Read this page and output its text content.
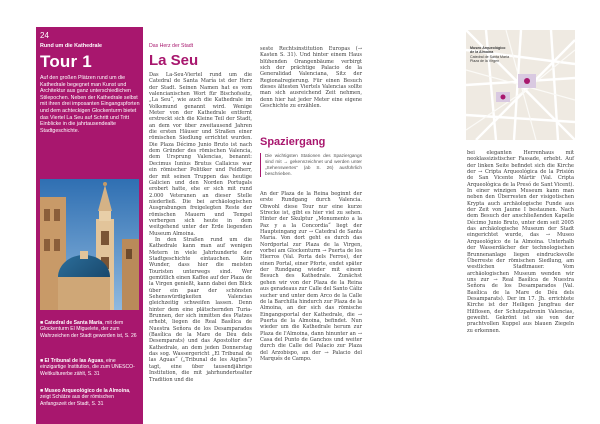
24
Rund um die Kathedrale
Tour 1
Auf den großen Plätzen rund um die Kathedrale begegnet man Kunst und Architektur aus ganz unterschiedlichen Stilepochen. Neben der Kathedrale selbst mit ihren drei imposanten Eingangspforten und dem achteckigen Glockenturm bietet das Viertel La Seu auf Schritt und Tritt Einblicke in die jahrtausendealte Stadtgeschichte.
■ Catedral de Santa María, mit dem Glockenturm El Miguelete, der zum Wahrzeichen der Stadt geworden ist, S. 26
■ El Tribunal de las Aguas, eine einzigartige Institution, die zum UNESCO-Weltkulturerbe zählt, S. 31
■ Museo Arqueológico de la Almoina, zeigt Schätze aus der römischen Anfangszeit der Stadt, S. 31
Das Herz der Stadt
La Seu

Das La-Seu-Viertel rund um die Catedral de Santa María ist der Herz der Stadt. Seinen Namen hat es vom valencianischen Wort für Bischofssitz, „La Seu“, wie auch die Kathedrale im Volksmund genannt wird. Wenige Meter von der Kathedrale entfernt erstreckt sich die Kleine Teil der Stadt, an dem vor über zweitausend Jahren die ersten Häuser und Straßen einer römischen Siedlung errichtet wurden. Die Plaza Décimo Junio Bruto ist nach dem Gründer des römischen Valencia, dem Ursprung Valencias, benannt: Decimus Iunius Brutus Callaicus war ein römischer Politiker und Feldherr, der mit seinen Truppen das heutige Galicien und den Norden Portugals erobert hatte, ehe er sich mit rund 2.000 Veteranen an dieser Stelle niederließ. Die bei archäologischen Ausgrabungen freigelegten Reste der römischen Mauern und Tempel verbergen sich heute in dem weitgehend unter der Erde liegenden Museum Almoina.

In den Straßen rund um die Kathedrale kann man auf wenigen Metern in viele Jahrhunderte der Stadtgeschichte eintauchen. Kein Wunder, dass hier die meisten Touristen unterwegs sind. Wer gemütlich einen Kaffee auf der Plaza de la Virgen genießt, kann dabei den Blick über ein paar der schönsten Sehenswürdigkeiten Valencias gleichzeitig schweifen lassen. Denn hinter dem eine plätschernden Turia-Brunnen, der sich inmitten des Platzes erhebt, liegen die Real Basílica de Nuestra Señora de los Desamparados (Basílica de la Mare de Déu dels Desemparats) und das Apostoltor der Kathedrale, an dem jeden Donnerstag das sog. Wassergericht „El Tribunal de las Aguas“ („Tribunal de les Aigües“) tagt, eine über tausendjährige Institution, die mit jahrhundertealter Tradition und die

seste Rechtsinstitution Europas (→ Kasten S. 31). Und hinter einem Haus blühenden Orangenbäume verbirgt sich der prächtige Palacio de la Generalidad Valenciana, Sitz der Regionalregierung. Für einen Besuch dieses ältesten Viertels Valencias sollte man sich ausreichend Zeit nehmen, denn hier hat jeder Meter eine eigene Geschichte zu erzählen.

Spaziergang
Die wichtigsten Stationen des Spaziergangs sind mit → gekennzeichnet und werden unter „Sehenswertes“ (ab S. 26) ausführlich beschrieben.
An der Plaza de la Reina beginnt der erste Rundgang durch Valencia. Obwohl diese Tour nur eine kurze Strecke ist, gibt es hier viel zu sehen. Hinter der Skulptur „Monumento a la Paz y a la Concordia“ liegt der Haupteingang zur → Catedral de Santa María. Von dort geht es durch das Nordportal zur Plaza de la Virgen, vorbei am Glockenturm → Puerta de los Hierros (Val. Porta dels Ferros), der einen Portal, einer Pforte, endet später der Rundgang wieder mit einem Besuch des Kathedrale. Zunächst gehen wir von der Plaza de la Reina aus geradeaus zur Calle del Santo Cáliz sucher und unter dem Arco de la Calle de la Barchilla hindurch zur Plaza de la Almoina, an der sich das römische Eingangsportal der Kathedrale, die → Puerta de la Almoina, befindet. Nun wieder um die Kathedrale herum zur Plaza de l'Almoina, dann hinunter an → Casa del Punto de Ganchos und weiter durch die Calle del Palacio zur Plaza del Arzobispo, an der → Palacio del Marqués de Campo.
Museo Arqueológico de la Almoina
Catedral de Santa María
Plaza de la Virgen
bei eleganten Herrenhaus mit neoklassizistischer Fassade, erhebt. Auf der linken Seite befindet sich die Kirche der → Cripta Arqueológica de la Prisión de San Vicente Mártir (Val. Cripta Arqueològica de la Presó de Sant Vicent). In einer winzigen Museum kann man neben den Überresten der visigotischen Krypta auch archäologische Funde aus der Zeit von Jaume I bestaunen. Nach dem Besuch der anschließenden Kapelle Décimo Junio Bruto, unter dem seit 2005 das archäologische Museum der Stadt eingerichtet wurde, das → Museo Arqueológico de la Almoina. Unterhalb der Wasserdächer der technologischen Brunnenanlage liegen eindrucksvolle Überreste der römischen Siedlung, am westlichen Stadtmauer. Vom archäologischen Museum wenden wir uns zur → Real Basílica de Nuestra Señora de los Desamparados (Val. Basílica de la Mare de Déu dels Desamparats). Der im 17. Jh. errichtete Kirche ist der Heiligen Jungfrau der Hilflosen, der Schutzpatronin Valencias, geweiht. Gekrönt ist sie von der prachtvollen Kuppel aus blauen Ziegeln zu erkennen.
